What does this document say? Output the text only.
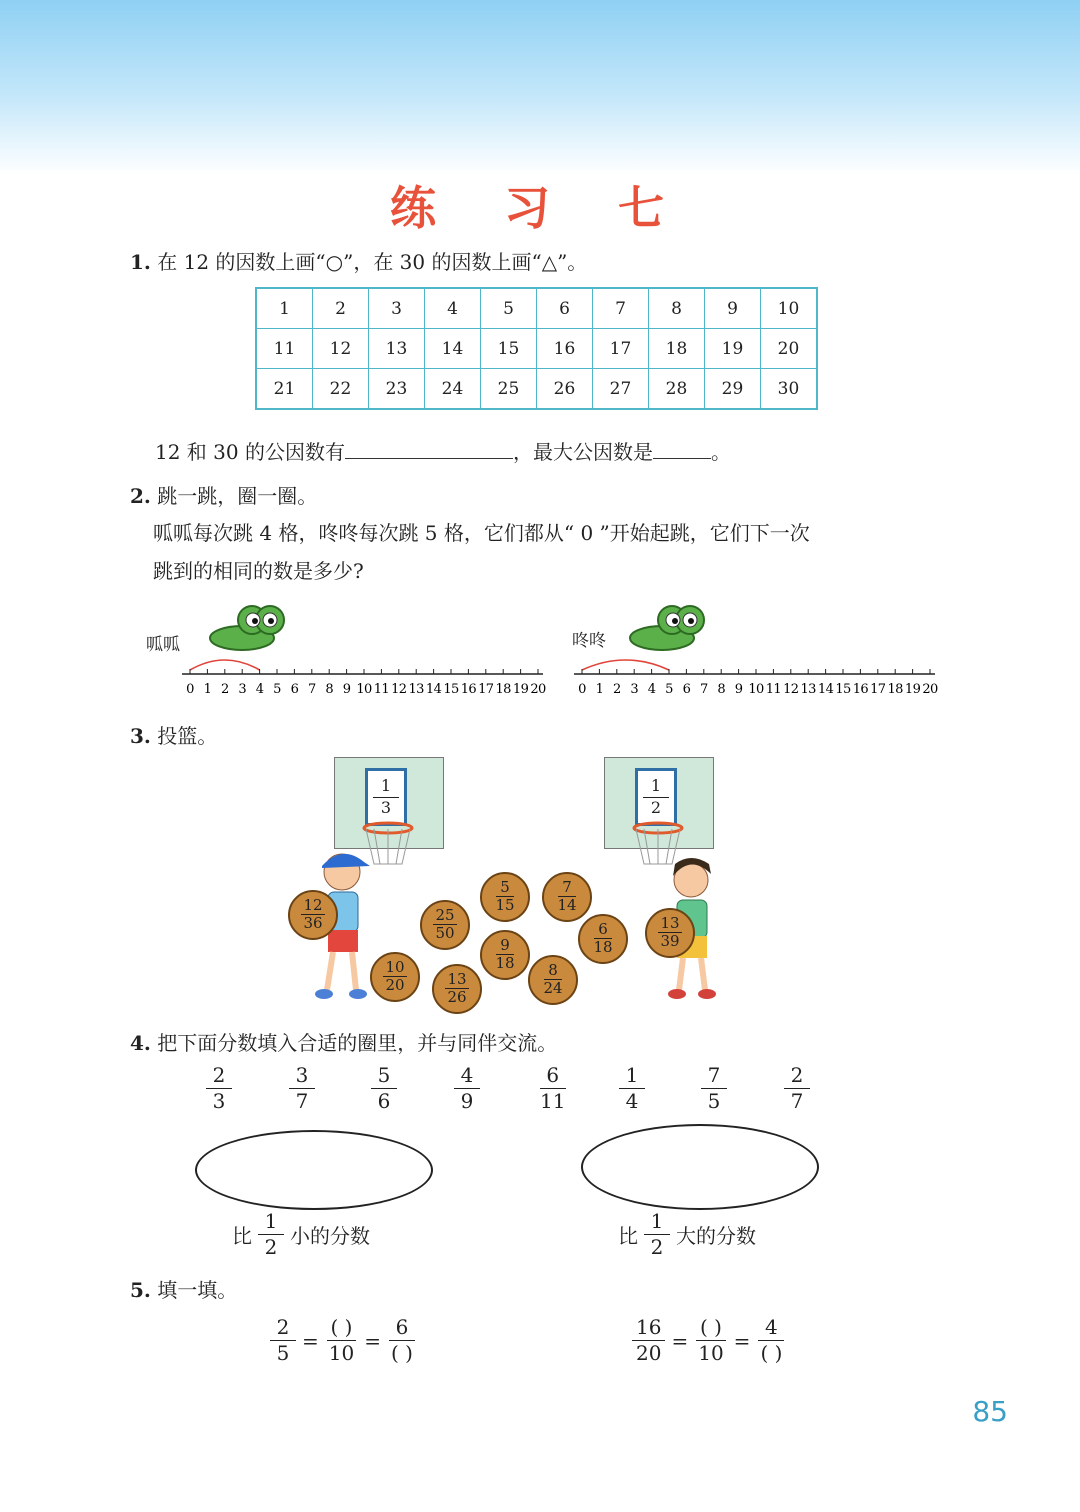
练 习 七
1. 在 12 的因数上画“○”，在 30 的因数上画“△”。
1	2	3	4	5	6	7	8	9	10
11	12	13	14	15	16	17	18	19	20
21	22	23	24	25	26	27	28	29	30
12 和 30 的公因数有	，最大公因数是	。
2. 跳一跳，圈一圈。
呱呱每次跳 4 格，咚咚每次跳 5 格，它们都从“ 0 ”开始起跳，它们下一次
跳到的相同的数是多少?
呱呱	咚咚
0 1 2 3 4 5 6 7 8 9 10 11 12 13 14 15 16 17 18 19 20 0 1 2 3 4 5 6 7 8 9 10 11 12 13 14 15 16 17 18 19 20
3. 投篮。
$\frac{1}{3}$	$\frac{1}{2}$
$\frac{12}{36}$
$\frac{10}{20}$
$\frac{25}{50}$
$\frac{13}{26}$
$\frac{5}{15}$
$\frac{9}{18}$
$\frac{7}{14}$
$\frac{8}{24}$
$\frac{6}{18}$	$\frac{13}{39}$
4. 把下面分数填入合适的圈里，并与同伴交流。
$\frac{2}{3}$	$\frac{3}{7}$	$\frac{5}{6}$	$\frac{4}{9}$	$\frac{6}{11} \frac{1}{4}$	$\frac{7}{5}$	$\frac{2}{7}$
比 $\frac{1}{2}$ 小的分数	比 $\frac{1}{2}$ 大的分数
5. 填一填。
$\frac{2}{5} = \frac{( )}{10} = \frac{6}{( )}$	$\frac{16}{20} = \frac{( )}{10} = \frac{4}{( )}$
85
